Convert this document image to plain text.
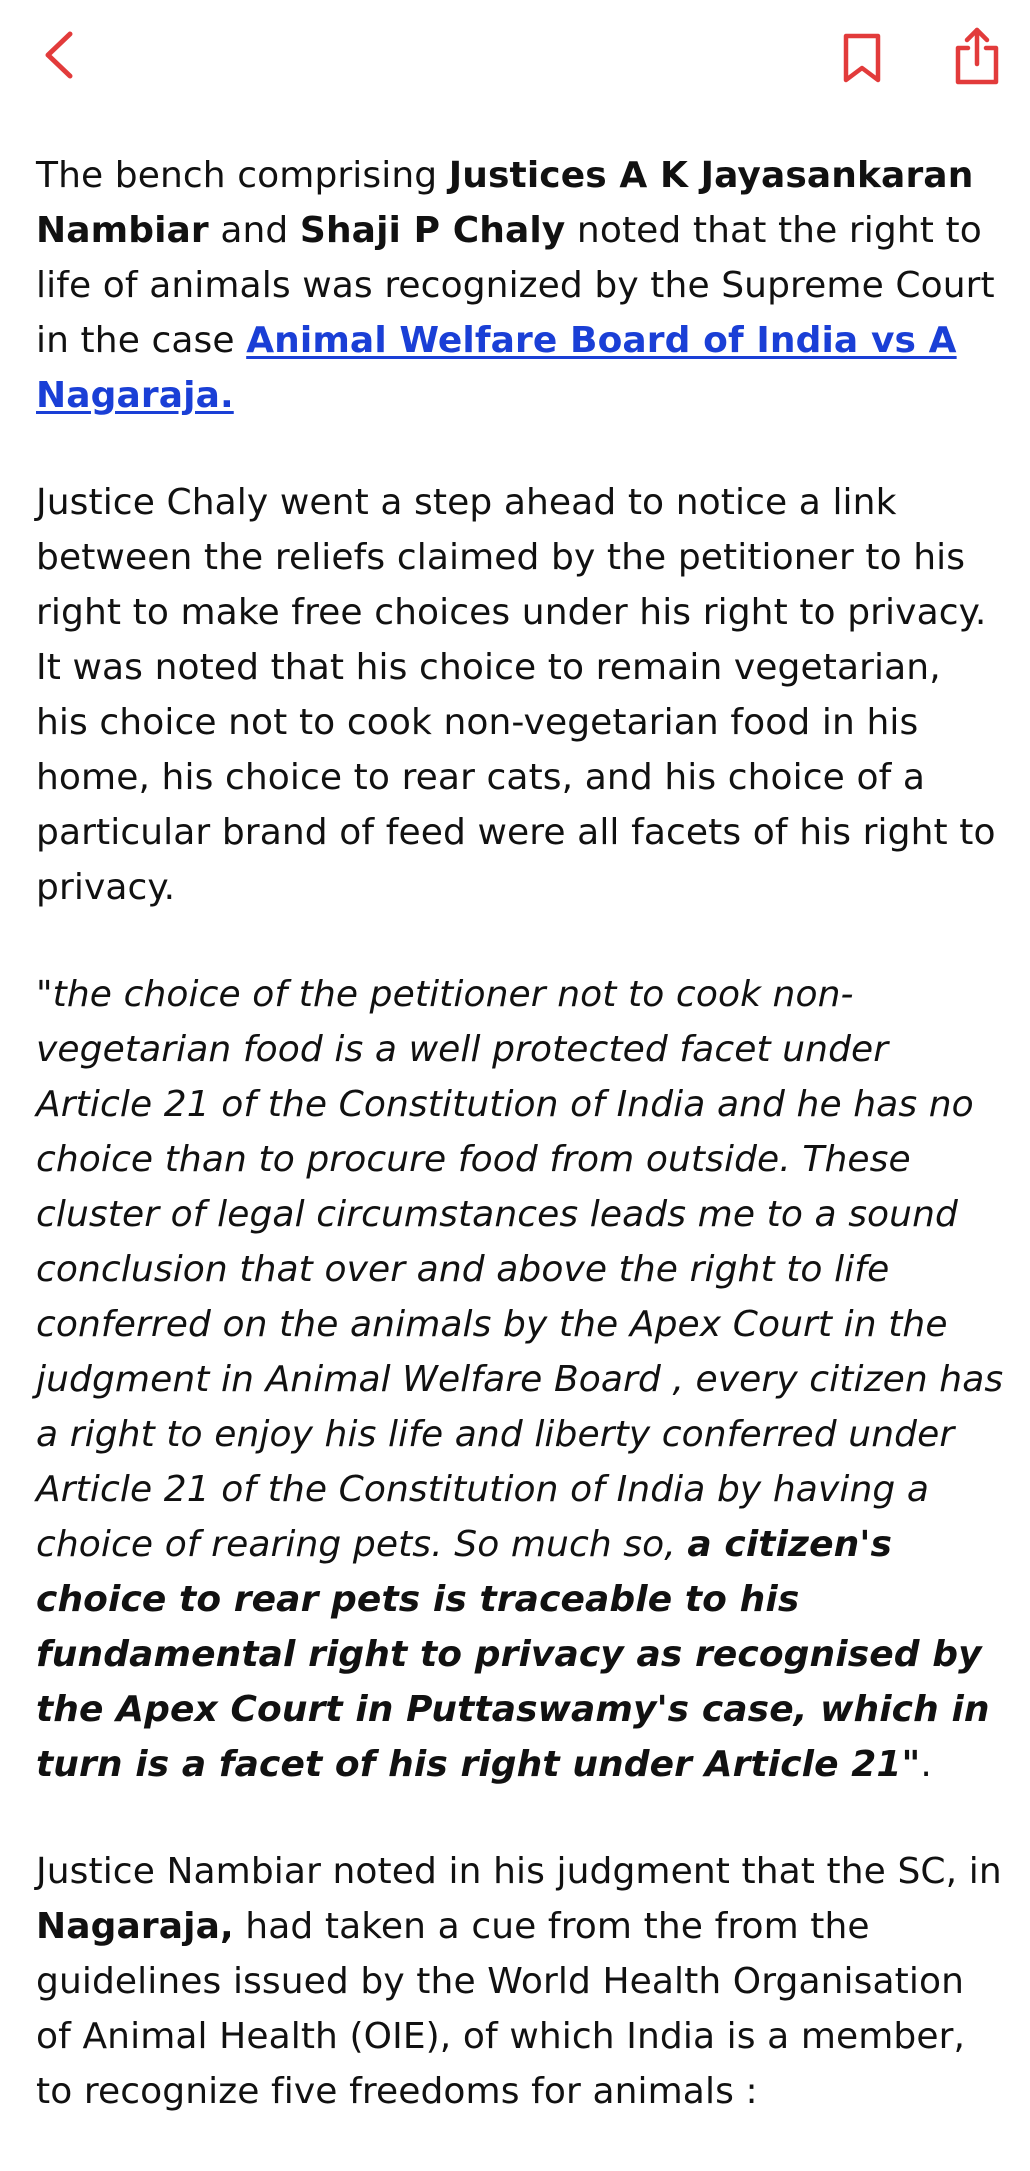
The bench comprising Justices A K Jayasankaran Nambiar and Shaji P Chaly noted that the right to life of animals was recognized by the Supreme Court in the case Animal Welfare Board of India vs A Nagaraja.

Justice Chaly went a step ahead to notice a link between the reliefs claimed by the petitioner to his right to make free choices under his right to privacy. It was noted that his choice to remain vegetarian, his choice not to cook non-vegetarian food in his home, his choice to rear cats, and his choice of a particular brand of feed were all facets of his right to privacy.

"the choice of the petitioner not to cook non-vegetarian food is a well protected facet under Article 21 of the Constitution of India and he has no choice than to procure food from outside. These cluster of legal circumstances leads me to a sound conclusion that over and above the right to life conferred on the animals by the Apex Court in the judgment in Animal Welfare Board , every citizen has a right to enjoy his life and liberty conferred under Article 21 of the Constitution of India by having a choice of rearing pets. So much so, a citizen's choice to rear pets is traceable to his fundamental right to privacy as recognised by the Apex Court in Puttaswamy's case, which in turn is a facet of his right under Article 21".

Justice Nambiar noted in his judgment that the SC, in Nagaraja, had taken a cue from the from the guidelines issued by the World Health Organisation of Animal Health (OIE), of which India is a member, to recognize five freedoms for animals :
